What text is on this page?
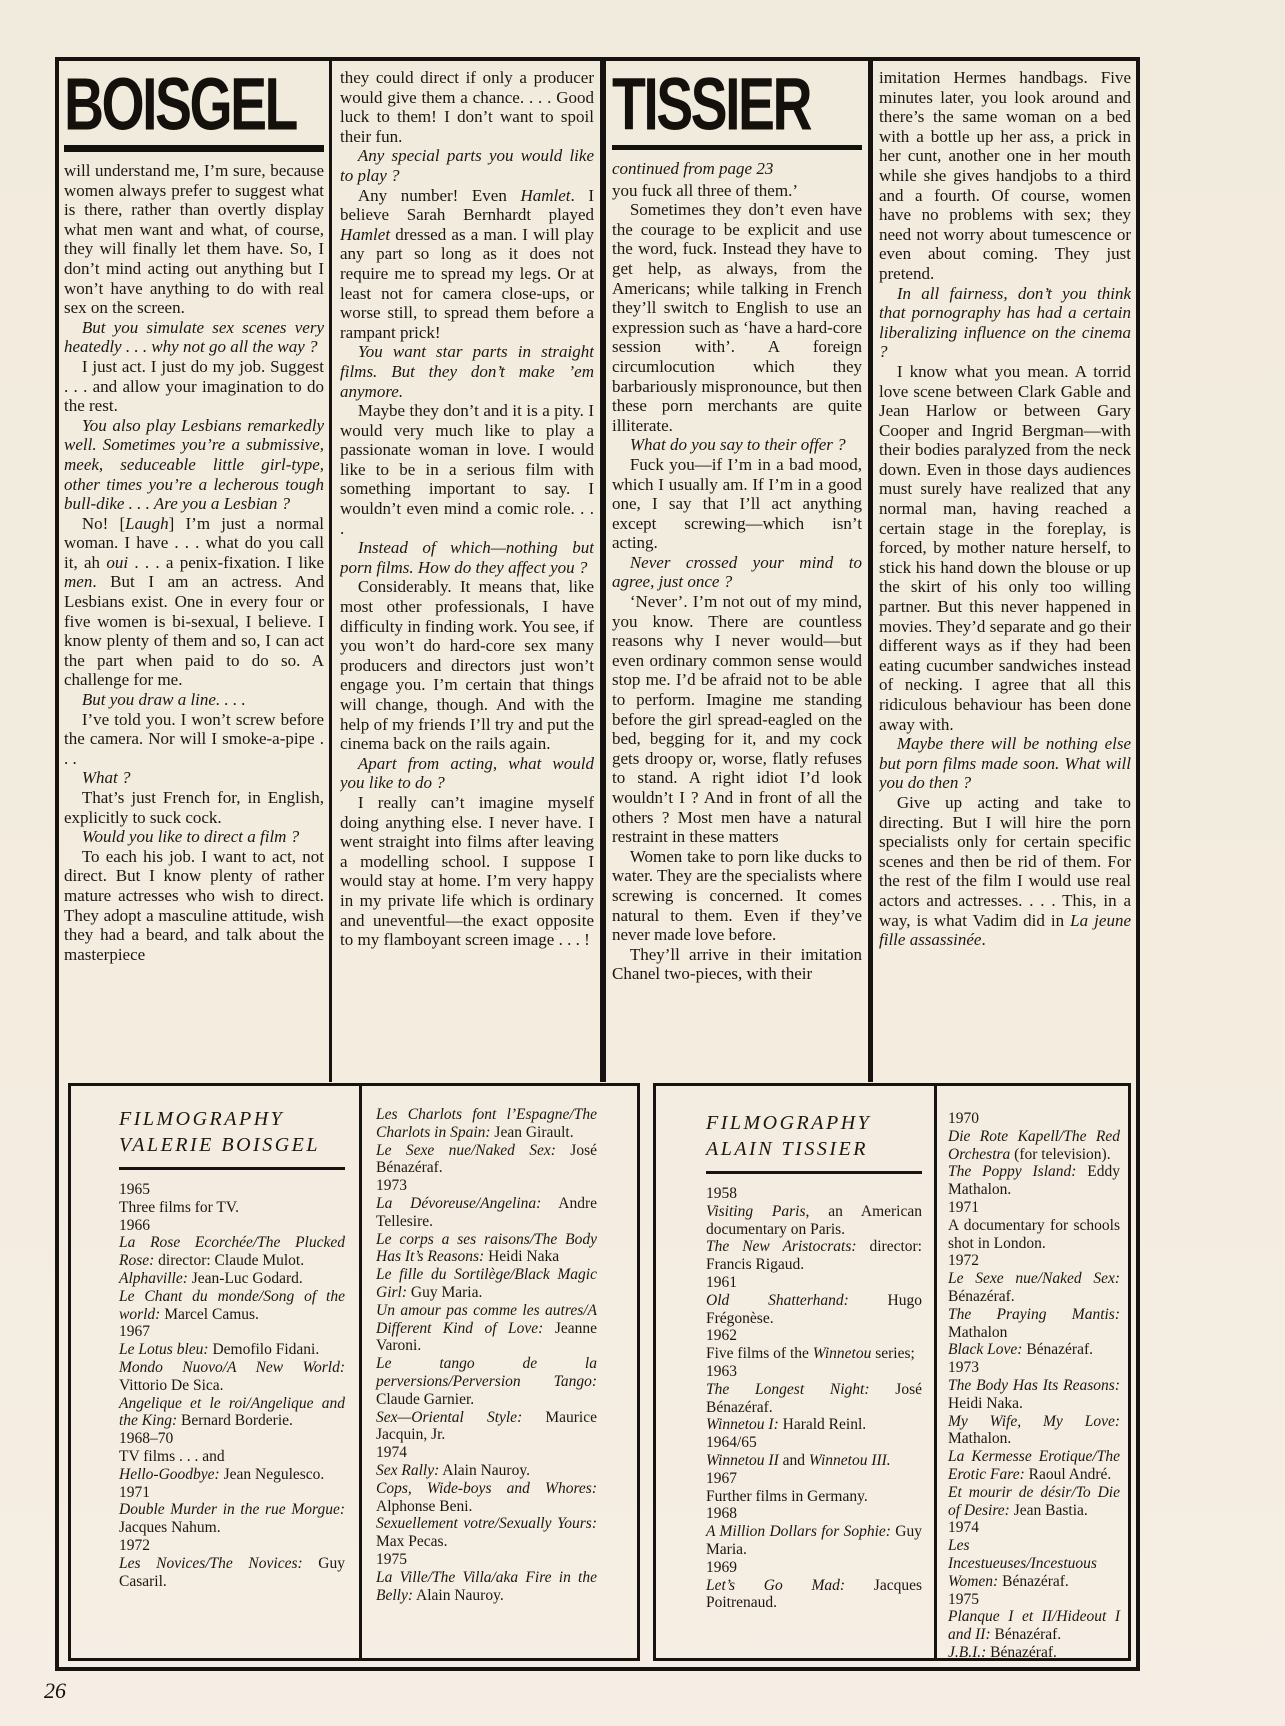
BOISGEL

will understand me, I’m sure, because women always prefer to suggest what is there, rather than overtly display what men want and what, of course, they will finally let them have. So, I don’t mind acting out anything but I won’t have anything to do with real sex on the screen.

But you simulate sex scenes very heatedly . . . why not go all the way ?

I just act. I just do my job. Suggest . . . and allow your imagination to do the rest.

You also play Lesbians remarkedly well. Sometimes you’re a submissive, meek, seduceable little girl-type, other times you’re a lecherous tough bull-dike . . . Are you a Lesbian ?

No! [Laugh] I’m just a normal woman. I have . . . what do you call it, ah oui . . . a penix-fixation. I like men. But I am an actress. And Lesbians exist. One in every four or five women is bi-sexual, I believe. I know plenty of them and so, I can act the part when paid to do so. A challenge for me.

But you draw a line. . . .

I’ve told you. I won’t screw before the camera. Nor will I smoke-a-pipe . . .

What ?

That’s just French for, in English, explicitly to suck cock.

Would you like to direct a film ?

To each his job. I want to act, not direct. But I know plenty of rather mature actresses who wish to direct. They adopt a masculine attitude, wish they had a beard, and talk about the masterpiece

they could direct if only a producer would give them a chance. . . . Good luck to them! I don’t want to spoil their fun.

Any special parts you would like to play ?

Any number! Even Hamlet. I believe Sarah Bernhardt played Hamlet dressed as a man. I will play any part so long as it does not require me to spread my legs. Or at least not for camera close-ups, or worse still, to spread them before a rampant prick!

You want star parts in straight films. But they don’t make ’em anymore.

Maybe they don’t and it is a pity. I would very much like to play a passionate woman in love. I would like to be in a serious film with something important to say. I wouldn’t even mind a comic role. . . .

Instead of which—nothing but porn films. How do they affect you ?

Considerably. It means that, like most other professionals, I have difficulty in finding work. You see, if you won’t do hard-core sex many producers and directors just won’t engage you. I’m certain that things will change, though. And with the help of my friends I’ll try and put the cinema back on the rails again.

Apart from acting, what would you like to do ?

I really can’t imagine myself doing anything else. I never have. I went straight into films after leaving a modelling school. I suppose I would stay at home. I’m very happy in my private life which is ordinary and uneventful—the exact opposite to my flamboyant screen image . . . !

TISSIER

continued from page 23

you fuck all three of them.’

Sometimes they don’t even have the courage to be explicit and use the word, fuck. Instead they have to get help, as always, from the Americans; while talking in French they’ll switch to English to use an expression such as ‘have a hard-core session with’. A foreign circumlocution which they barbariously mispronounce, but then these porn merchants are quite illiterate.

What do you say to their offer ?

Fuck you—if I’m in a bad mood, which I usually am. If I’m in a good one, I say that I’ll act anything except screwing—which isn’t acting.

Never crossed your mind to agree, just once ?

‘Never’. I’m not out of my mind, you know. There are countless reasons why I never would—but even ordinary common sense would stop me. I’d be afraid not to be able to perform. Imagine me standing before the girl spread-eagled on the bed, begging for it, and my cock gets droopy or, worse, flatly refuses to stand. A right idiot I’d look wouldn’t I ? And in front of all the others ? Most men have a natural restraint in these matters

Women take to porn like ducks to water. They are the specialists where screwing is concerned. It comes natural to them. Even if they’ve never made love before.

They’ll arrive in their imitation Chanel two-pieces, with their

imitation Hermes handbags. Five minutes later, you look around and there’s the same woman on a bed with a bottle up her ass, a prick in her cunt, another one in her mouth while she gives handjobs to a third and a fourth. Of course, women have no problems with sex; they need not worry about tumescence or even about coming. They just pretend.

In all fairness, don’t you think that pornography has had a certain liberalizing influence on the cinema ?

I know what you mean. A torrid love scene between Clark Gable and Jean Harlow or between Gary Cooper and Ingrid Bergman—with their bodies paralyzed from the neck down. Even in those days audiences must surely have realized that any normal man, having reached a certain stage in the foreplay, is forced, by mother nature herself, to stick his hand down the blouse or up the skirt of his only too willing partner. But this never happened in movies. They’d separate and go their different ways as if they had been eating cucumber sandwiches instead of necking. I agree that all this ridiculous behaviour has been done away with.

Maybe there will be nothing else but porn films made soon. What will you do then ?

Give up acting and take to directing. But I will hire the porn specialists only for certain specific scenes and then be rid of them. For the rest of the film I would use real actors and actresses. . . . This, in a way, is what Vadim did in La jeune fille assassinée.

FILMOGRAPHY
VALERIE BOISGEL

1965

Three films for TV.

1966

La Rose Ecorchée/The Plucked Rose: director: Claude Mulot.

Alphaville: Jean-Luc Godard.

Le Chant du monde/Song of the world: Marcel Camus.

1967

Le Lotus bleu: Demofilo Fidani.

Mondo Nuovo/A New World: Vittorio De Sica.

Angelique et le roi/Angelique and the King: Bernard Borderie.

1968–70

TV films . . . and

Hello-Goodbye: Jean Negulesco.

1971

Double Murder in the rue Morgue: Jacques Nahum.

1972

Les Novices/The Novices: Guy Casaril.

Les Charlots font l’Espagne/The Charlots in Spain: Jean Girault.

Le Sexe nue/Naked Sex: José Bénazéraf.

1973

La Dévoreuse/Angelina: Andre Tellesire.

Le corps a ses raisons/The Body Has It’s Reasons: Heidi Naka

Le fille du Sortilège/Black Magic Girl: Guy Maria.

Un amour pas comme les autres/A Different Kind of Love: Jeanne Varoni.

Le tango de la perversions/Perversion Tango: Claude Garnier.

Sex—Oriental Style: Maurice Jacquin, Jr.

1974

Sex Rally: Alain Nauroy.

Cops, Wide-boys and Whores: Alphonse Beni.

Sexuellement votre/Sexually Yours: Max Pecas.

1975

La Ville/The Villa/aka Fire in the Belly: Alain Nauroy.

FILMOGRAPHY
ALAIN TISSIER

1958

Visiting Paris, an American documentary on Paris.

The New Aristocrats: director: Francis Rigaud.

1961

Old Shatterhand: Hugo Frégonèse.

1962

Five films of the Winnetou series;

1963

The Longest Night: José Bénazéraf.

Winnetou I: Harald Reinl.

1964/65

Winnetou II and Winnetou III.

1967

Further films in Germany.

1968

A Million Dollars for Sophie: Guy Maria.

1969

Let’s Go Mad: Jacques Poitrenaud.

1970

Die Rote Kapell/The Red Orchestra (for television).

The Poppy Island: Eddy Mathalon.

1971

A documentary for schools shot in London.

1972

Le Sexe nue/Naked Sex: Bénazéraf.

The Praying Mantis: Mathalon

Black Love: Bénazéraf.

1973

The Body Has Its Reasons: Heidi Naka.

My Wife, My Love: Mathalon.

La Kermesse Erotique/The Erotic Fare: Raoul André.

Et mourir de désir/To Die of Desire: Jean Bastia.

1974

Les Incestueuses/Incestuous Women: Bénazéraf.

1975

Planque I et II/Hideout I and II: Bénazéraf.

J.B.I.: Bénazéraf.

26
